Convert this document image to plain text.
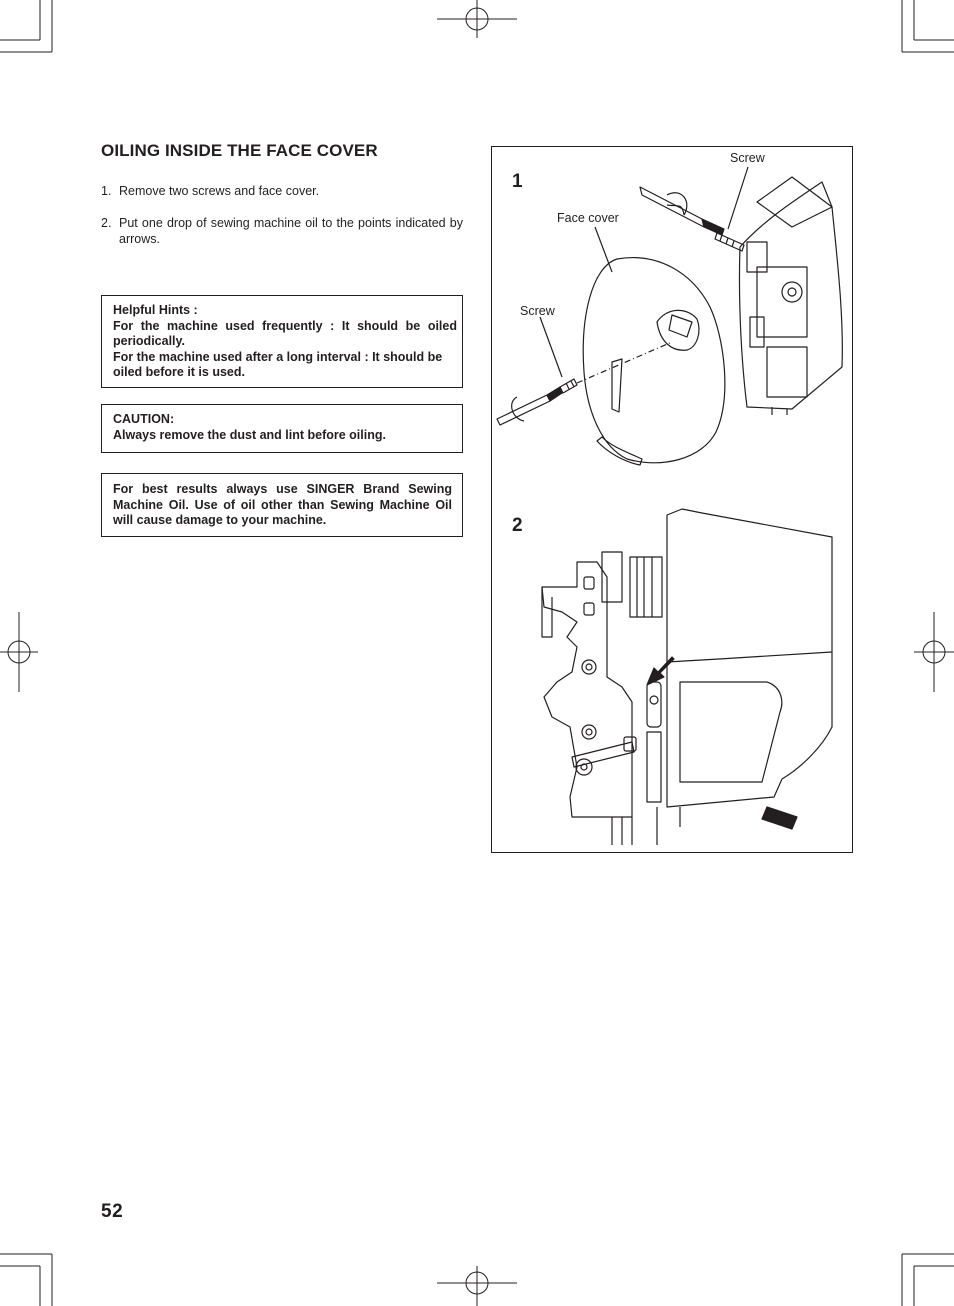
OILING INSIDE THE FACE COVER
1. Remove two screws and face cover.
2. Put one drop of sewing machine oil to the points indicated by arrows.
Helpful Hints :
For the machine used frequently : It should be oiled periodically.
For the machine used after a long interval : It should be oiled before it is used.
CAUTION:
Always remove the dust and lint before oiling.
For best results always use SINGER Brand Sewing Machine Oil. Use of oil other than Sewing Machine Oil will cause damage to your machine.
1
2
Screw
Face cover
Screw
52
